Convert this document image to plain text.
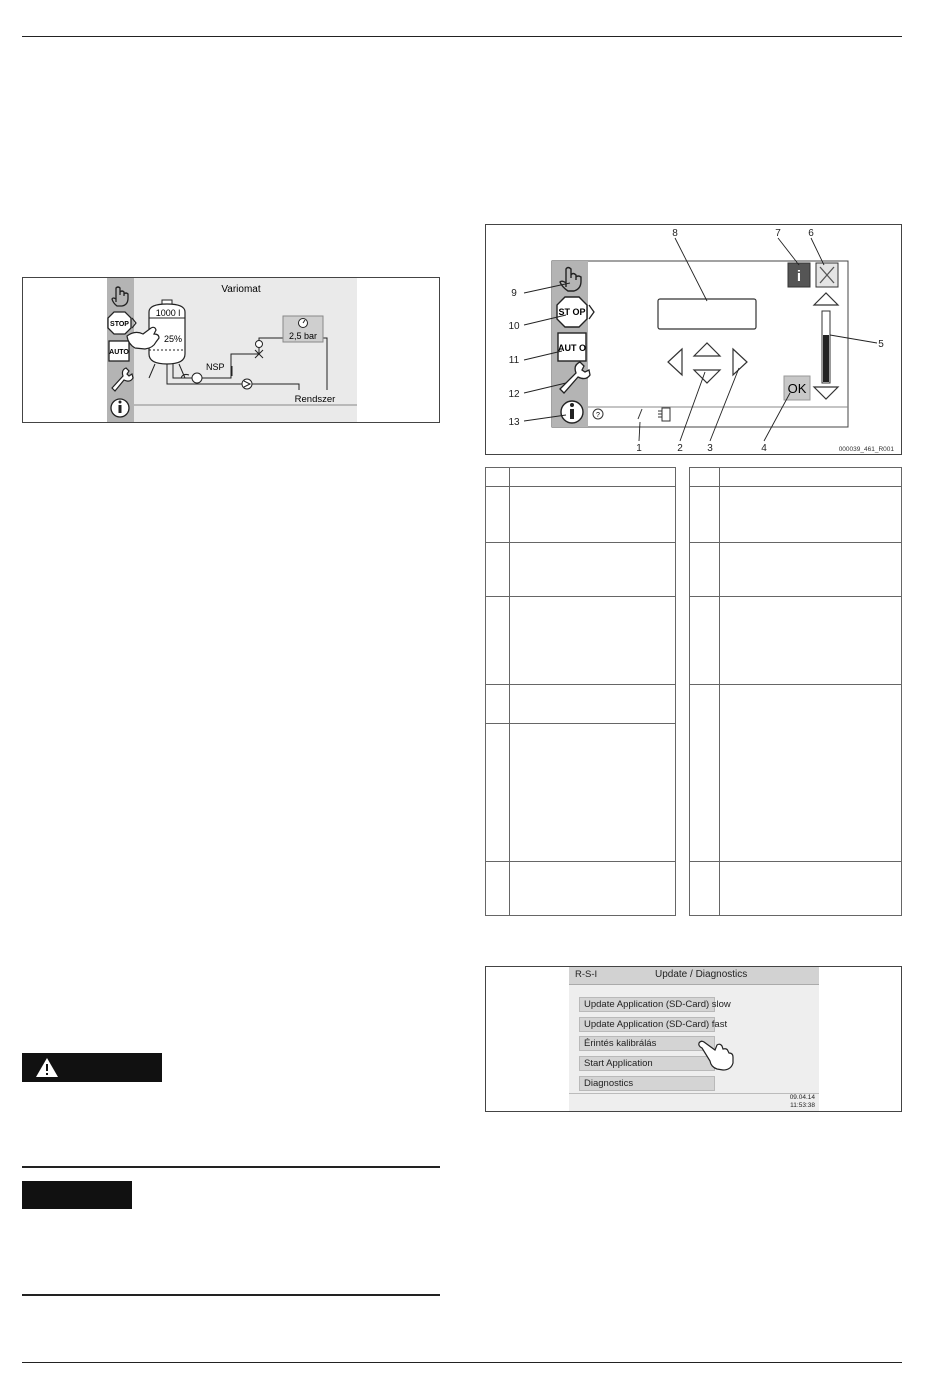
STOP
AUTO
Variomat
1000 l
25%
NSP
2,5 bar
Rendszer
ST OP
AUT O
i
OK
?
8	7	6
5
4
3
2
1
9
10
11
12
13
000039_461_R001

R-S-I	Update / Diagnostics
Update Application (SD-Card) slow
Update Application (SD-Card) fast
Érintés kalibrálás
Start Application
Diagnostics
09.04.14
11:53:38
